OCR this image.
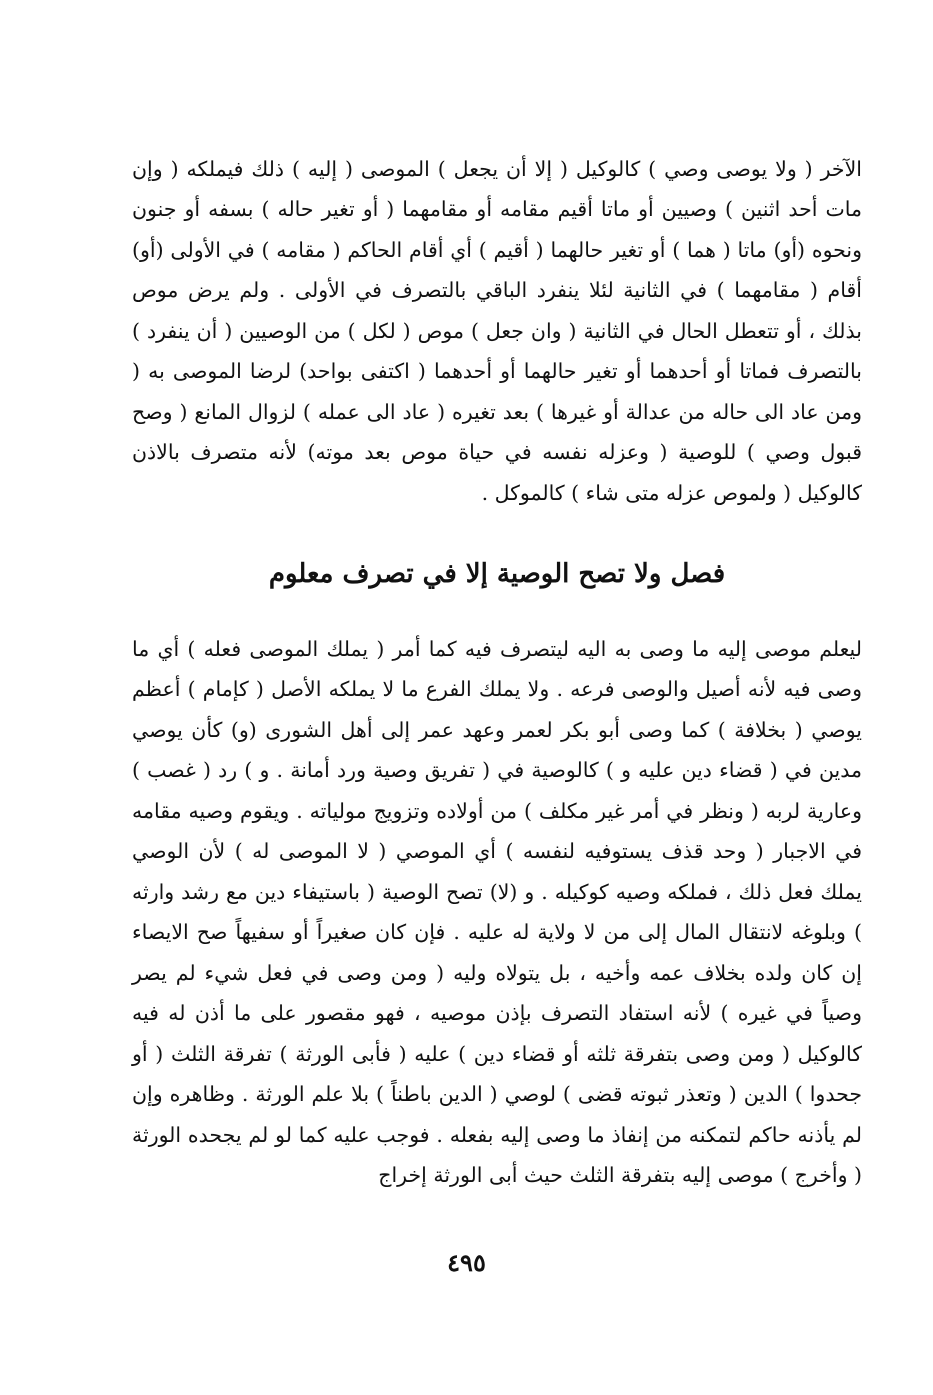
الآخر ( ولا يوصى وصي ) كالوكيل ( إلا أن يجعل ) الموصى ( إليه ) ذلك فيملكه ( وإن مات أحد اثنين ) وصيين أو ماتا أقيم مقامه أو مقامهما ( أو تغير حاله ) بسفه أو جنون ونحوه (أو) ماتا ( هما ) أو تغير حالهما ( أقيم ) أي أقام الحاكم ( مقامه ) في الأولى (أو) أقام ( مقامهما ) في الثانية لئلا ينفرد الباقي بالتصرف في الأولى . ولم يرض موص بذلك ، أو تتعطل الحال في الثانية ( وان جعل ) موص ( لكل ) من الوصيين ( أن ينفرد ) بالتصرف فماتا أو أحدهما أو تغير حالهما أو أحدهما ( اكتفى بواحد) لرضا الموصى به ( ومن عاد الى حاله من عدالة أو غيرها ) بعد تغيره ( عاد الى عمله ) لزوال المانع ( وصح قبول وصي ) للوصية ( وعزله نفسه في حياة موص بعد موته) لأنه متصرف بالاذن كالوكيل ( ولموص عزله متى شاء ) كالموكل .

فصل ولا تصح الوصية إلا في تصرف معلوم

ليعلم موصى إليه ما وصى به اليه ليتصرف فيه كما أمر ( يملك الموصى فعله ) أي ما وصى فيه لأنه أصيل والوصى فرعه . ولا يملك الفرع ما لا يملكه الأصل ( كإمام ) أعظم يوصي ( بخلافة ) كما وصى أبو بكر لعمر وعهد عمر إلى أهل الشورى (و) كأن يوصي مدين في ( قضاء دين عليه و ) كالوصية في ( تفريق وصية ورد أمانة . و ) رد ( غصب ) وعارية لربه ( ونظر في أمر غير مكلف ) من أولاده وتزويج مولياته . ويقوم وصيه مقامه في الاجبار ( وحد قذف يستوفيه لنفسه ) أي الموصي ( لا الموصى له ) لأن الوصي يملك فعل ذلك ، فملكه وصيه كوكيله . و (لا) تصح الوصية ( باستيفاء دين مع رشد وارثه ) وبلوغه لانتقال المال إلى من لا ولاية له عليه . فإن كان صغيراً أو سفيهاً صح الايصاء إن كان ولده بخلاف عمه وأخيه ، بل يتولاه وليه ( ومن وصى في فعل شيء لم يصر وصياً في غيره ) لأنه استفاد التصرف بإذن موصيه ، فهو مقصور على ما أذن له فيه كالوكيل ( ومن وصى بتفرقة ثلثه أو قضاء دين ) عليه ( فأبى الورثة ) تفرقة الثلث ( أو جحدوا ) الدين ( وتعذر ثبوته قضى ) لوصي ( الدين باطناً ) بلا علم الورثة . وظاهره وإن لم يأذنه حاكم لتمكنه من إنفاذ ما وصى إليه بفعله . فوجب عليه كما لو لم يجحده الورثة ( وأخرج ) موصى إليه بتفرقة الثلث حيث أبى الورثة إخراج

٤٩٥
